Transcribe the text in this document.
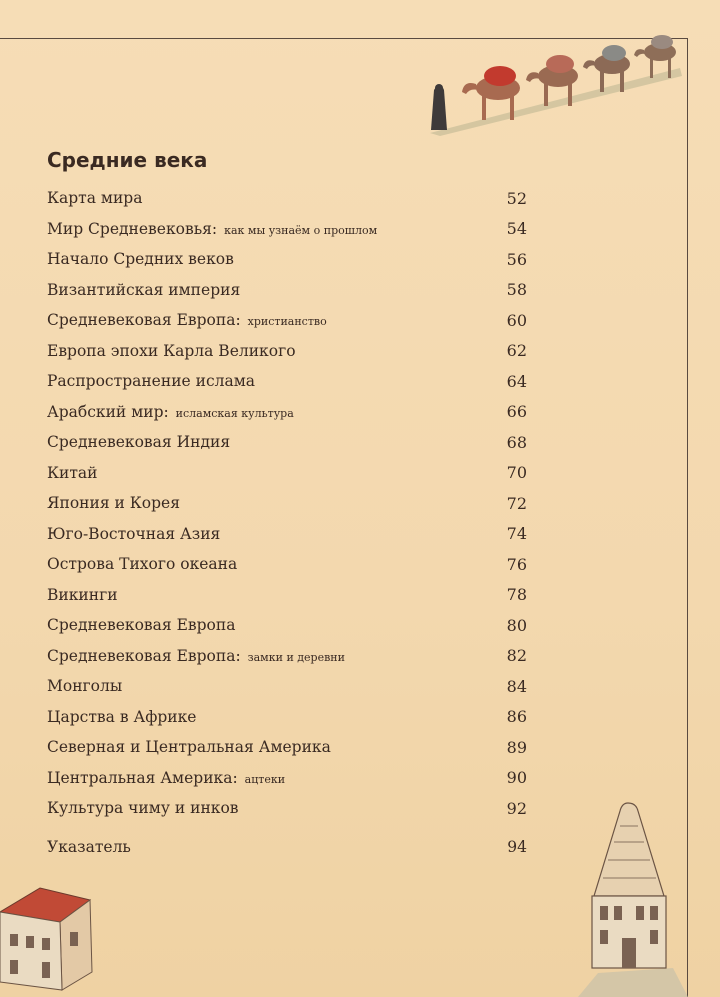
Средние века
Карта мира	52
Мир Средневековья: как мы узнаём о прошлом	54
Начало Средних веков	56
Византийская империя	58
Средневековая Европа: христианство	60
Европа эпохи Карла Великого	62
Распространение ислама	64
Арабский мир: исламская культура	66
Средневековая Индия	68
Китай	70
Япония и Корея	72
Юго-Восточная Азия	74
Острова Тихого океана	76
Викинги	78
Средневековая Европа	80
Средневековая Европа: замки и деревни	82
Монголы	84
Царства в Африке	86
Северная и Центральная Америка	89
Центральная Америка: ацтеки	90
Культура чиму и инков	92
Указатель	94
